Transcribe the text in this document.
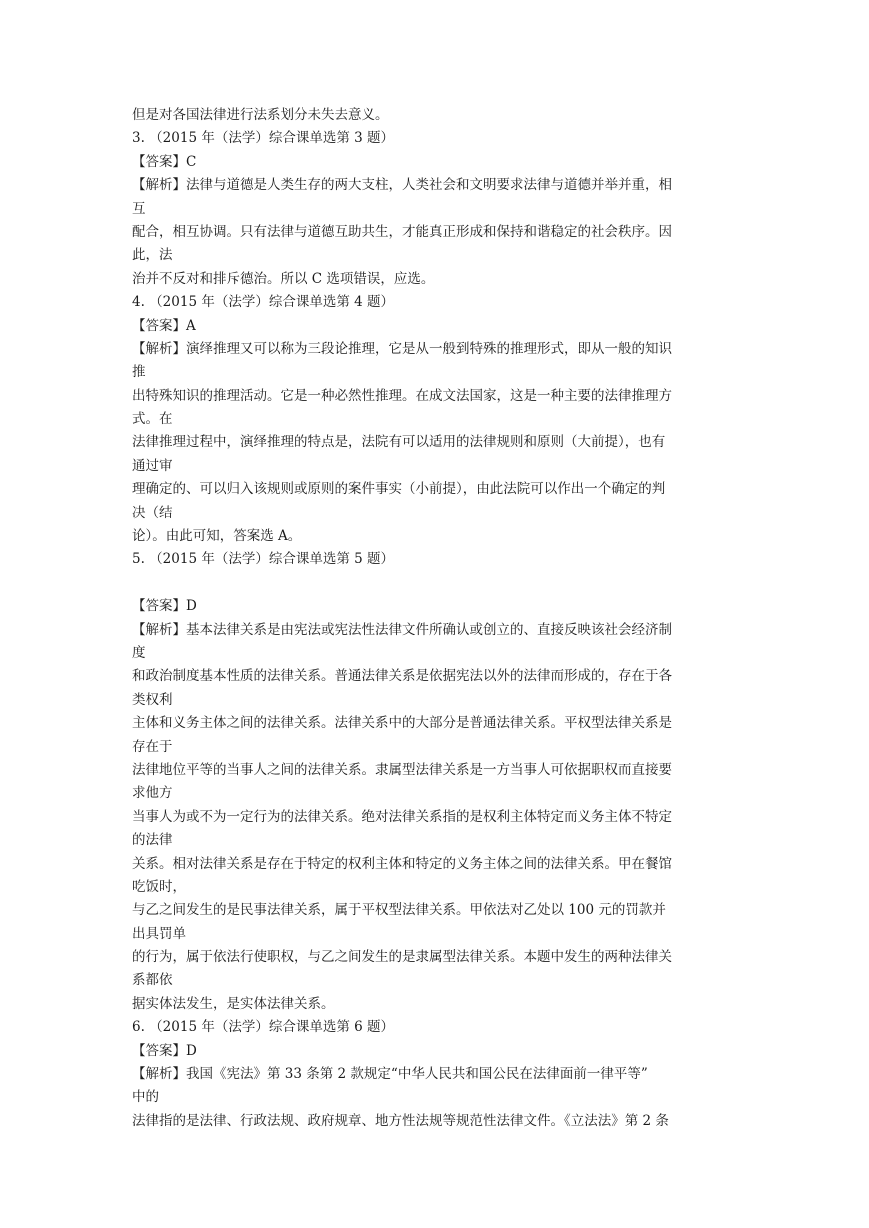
但是对各国法律进行法系划分未失去意义。
3. （2015 年（法学）综合课单选第 3 题）
【答案】C
【解析】法律与道德是人类生存的两大支柱，人类社会和文明要求法律与道德并举并重，相
互
配合，相互协调。只有法律与道德互助共生，才能真正形成和保持和谐稳定的社会秩序。因
此，法
治并不反对和排斥德治。所以 C 选项错误，应选。
4. （2015 年（法学）综合课单选第 4 题）
【答案】A
【解析】演绎推理又可以称为三段论推理，它是从一般到特殊的推理形式，即从一般的知识
推
出特殊知识的推理活动。它是一种必然性推理。在成文法国家，这是一种主要的法律推理方
式。在
法律推理过程中，演绎推理的特点是，法院有可以适用的法律规则和原则（大前提），也有
通过审
理确定的、可以归入该规则或原则的案件事实（小前提），由此法院可以作出一个确定的判
决（结
论）。由此可知，答案选 A。
5. （2015 年（法学）综合课单选第 5 题）
【答案】D
【解析】基本法律关系是由宪法或宪法性法律文件所确认或创立的、直接反映该社会经济制
度
和政治制度基本性质的法律关系。普通法律关系是依据宪法以外的法律而形成的，存在于各
类权利
主体和义务主体之间的法律关系。法律关系中的大部分是普通法律关系。平权型法律关系是
存在于
法律地位平等的当事人之间的法律关系。隶属型法律关系是一方当事人可依据职权而直接要
求他方
当事人为或不为一定行为的法律关系。绝对法律关系指的是权利主体特定而义务主体不特定
的法律
关系。相对法律关系是存在于特定的权利主体和特定的义务主体之间的法律关系。甲在餐馆
吃饭时，
与乙之间发生的是民事法律关系，属于平权型法律关系。甲依法对乙处以 100 元的罚款并
出具罚单
的行为，属于依法行使职权，与乙之间发生的是隶属型法律关系。本题中发生的两种法律关
系都依
据实体法发生，是实体法律关系。
6. （2015 年（法学）综合课单选第 6 题）
【答案】D
【解析】我国《宪法》第 33 条第 2 款规定“中华人民共和国公民在法律面前一律平等”
中的
法律指的是法律、行政法规、政府规章、地方性法规等规范性法律文件。《立法法》第 2 条
